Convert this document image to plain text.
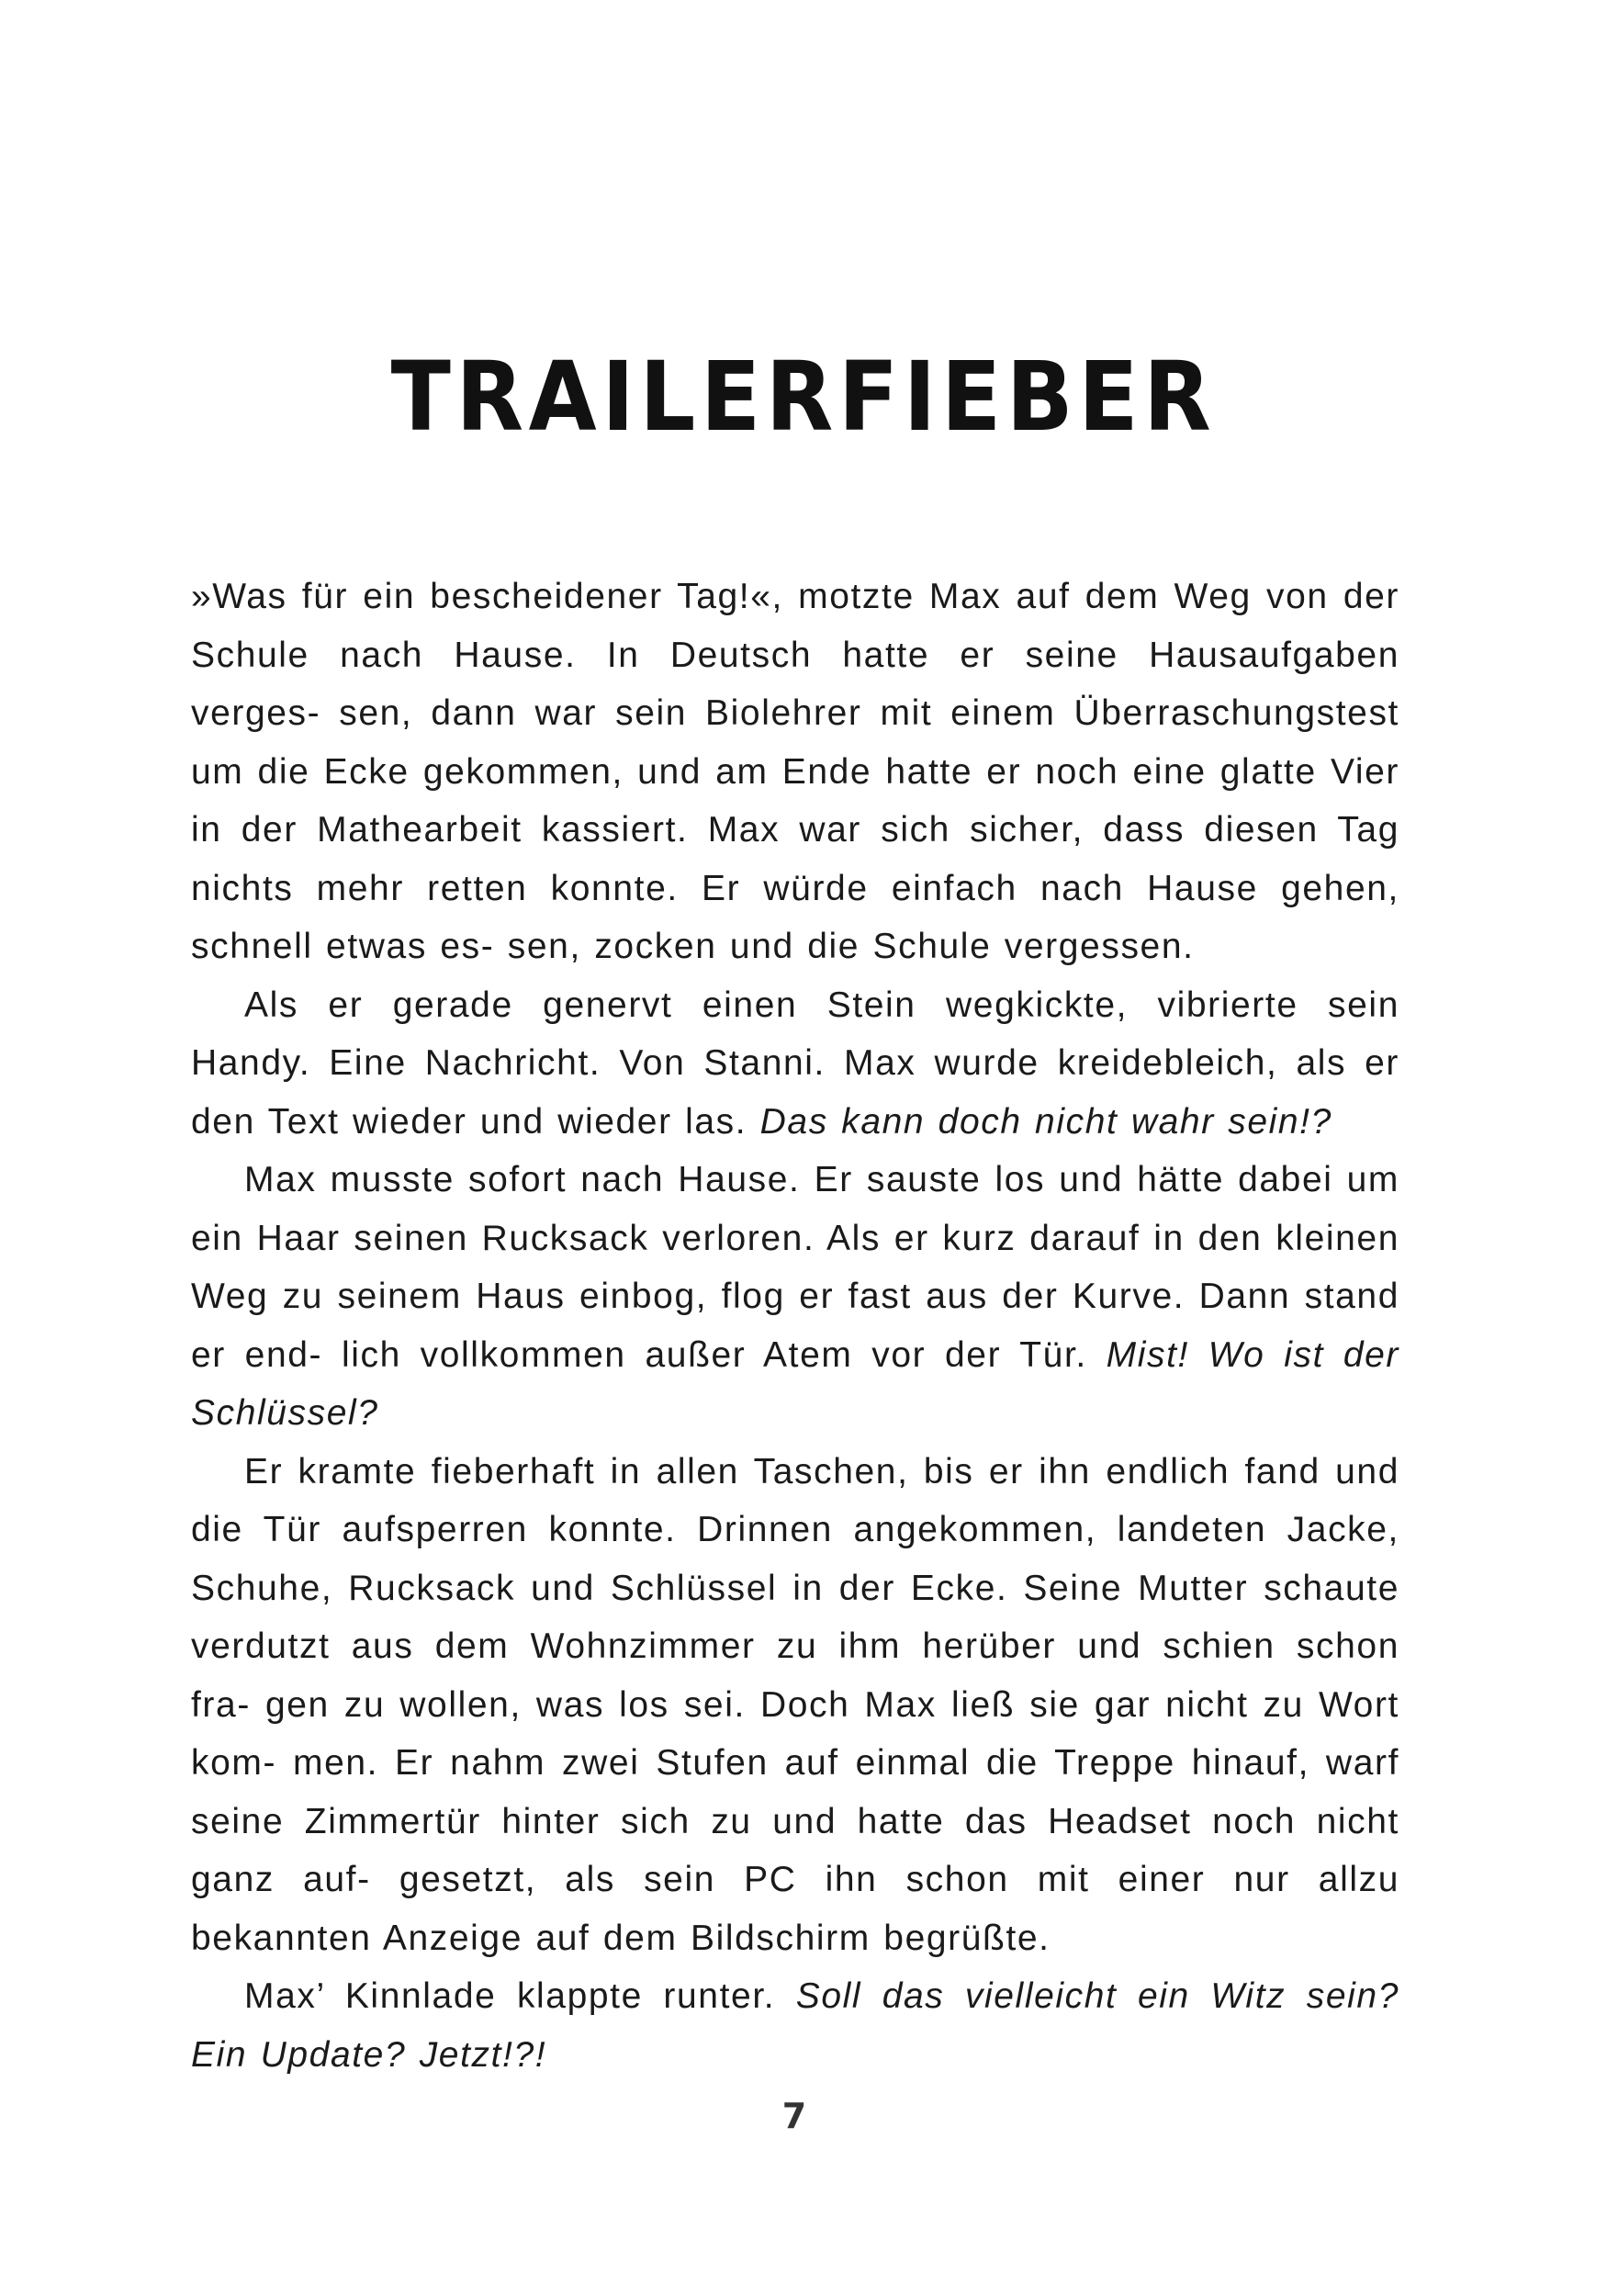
TRAILERFIEBER

»Was für ein bescheidener Tag!«, motzte Max auf dem Weg von der Schule nach Hause. In Deutsch hatte er seine Hausaufgaben verges- sen, dann war sein Biolehrer mit einem Überraschungstest um die Ecke gekommen, und am Ende hatte er noch eine glatte Vier in der Mathearbeit kassiert. Max war sich sicher, dass diesen Tag nichts mehr retten konnte. Er würde einfach nach Hause gehen, schnell etwas es- sen, zocken und die Schule vergessen.

Als er gerade genervt einen Stein wegkickte, vibrierte sein Handy. Eine Nachricht. Von Stanni. Max wurde kreidebleich, als er den Text wieder und wieder las. Das kann doch nicht wahr sein!?

Max musste sofort nach Hause. Er sauste los und hätte dabei um ein Haar seinen Rucksack verloren. Als er kurz darauf in den kleinen Weg zu seinem Haus einbog, flog er fast aus der Kurve. Dann stand er end- lich vollkommen außer Atem vor der Tür. Mist! Wo ist der Schlüssel?

Er kramte fieberhaft in allen Taschen, bis er ihn endlich fand und die Tür aufsperren konnte. Drinnen angekommen, landeten Jacke, Schuhe, Rucksack und Schlüssel in der Ecke. Seine Mutter schaute verdutzt aus dem Wohnzimmer zu ihm herüber und schien schon fra- gen zu wollen, was los sei. Doch Max ließ sie gar nicht zu Wort kom- men. Er nahm zwei Stufen auf einmal die Treppe hinauf, warf seine Zimmertür hinter sich zu und hatte das Headset noch nicht ganz auf- gesetzt, als sein PC ihn schon mit einer nur allzu bekannten Anzeige auf dem Bildschirm begrüßte.

Max’ Kinnlade klappte runter. Soll das vielleicht ein Witz sein? Ein Update? Jetzt!?!

7
